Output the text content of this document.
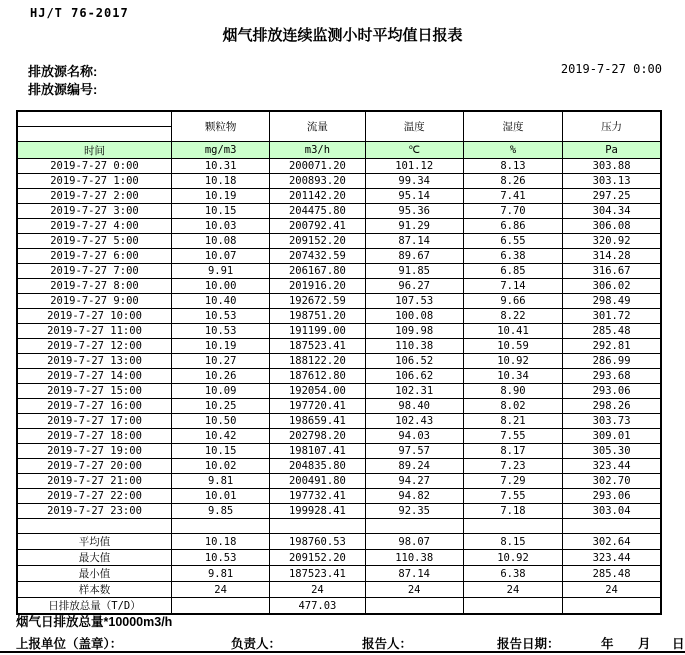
HJ/T 76-2017
烟气排放连续监测小时平均值日报表
排放源名称:
排放源编号:
2019-7-27 0:00
	颗粒物	流量	温度	湿度	压力

时间	mg/m3	m3/h	℃	%	Pa
2019-7-27 0:00	10.31	200071.20	101.12	8.13	303.88
2019-7-27 1:00	10.18	200893.20	99.34	8.26	303.13
2019-7-27 2:00	10.19	201142.20	95.14	7.41	297.25
2019-7-27 3:00	10.15	204475.80	95.36	7.70	304.34
2019-7-27 4:00	10.03	200792.41	91.29	6.86	306.08
2019-7-27 5:00	10.08	209152.20	87.14	6.55	320.92
2019-7-27 6:00	10.07	207432.59	89.67	6.38	314.28
2019-7-27 7:00	9.91	206167.80	91.85	6.85	316.67
2019-7-27 8:00	10.00	201916.20	96.27	7.14	306.02
2019-7-27 9:00	10.40	192672.59	107.53	9.66	298.49
2019-7-27 10:00	10.53	198751.20	100.08	8.22	301.72
2019-7-27 11:00	10.53	191199.00	109.98	10.41	285.48
2019-7-27 12:00	10.19	187523.41	110.38	10.59	292.81
2019-7-27 13:00	10.27	188122.20	106.52	10.92	286.99
2019-7-27 14:00	10.26	187612.80	106.62	10.34	293.68
2019-7-27 15:00	10.09	192054.00	102.31	8.90	293.06
2019-7-27 16:00	10.25	197720.41	98.40	8.02	298.26
2019-7-27 17:00	10.50	198659.41	102.43	8.21	303.73
2019-7-27 18:00	10.42	202798.20	94.03	7.55	309.01
2019-7-27 19:00	10.15	198107.41	97.57	8.17	305.30
2019-7-27 20:00	10.02	204835.80	89.24	7.23	323.44
2019-7-27 21:00	9.81	200491.80	94.27	7.29	302.70
2019-7-27 22:00	10.01	197732.41	94.82	7.55	293.06
2019-7-27 23:00	9.85	199928.41	92.35	7.18	303.04

平均值	10.18	198760.53	98.07	8.15	302.64
最大值	10.53	209152.20	110.38	10.92	323.44
最小值	9.81	187523.41	87.14	6.38	285.48
样本数	24	24	24	24	24
日排放总量（T/D）		477.03			
烟气日排放总量*10000m3/h
上报单位（盖章）：	负责人：	报告人：	报告日期：	年 月 日
